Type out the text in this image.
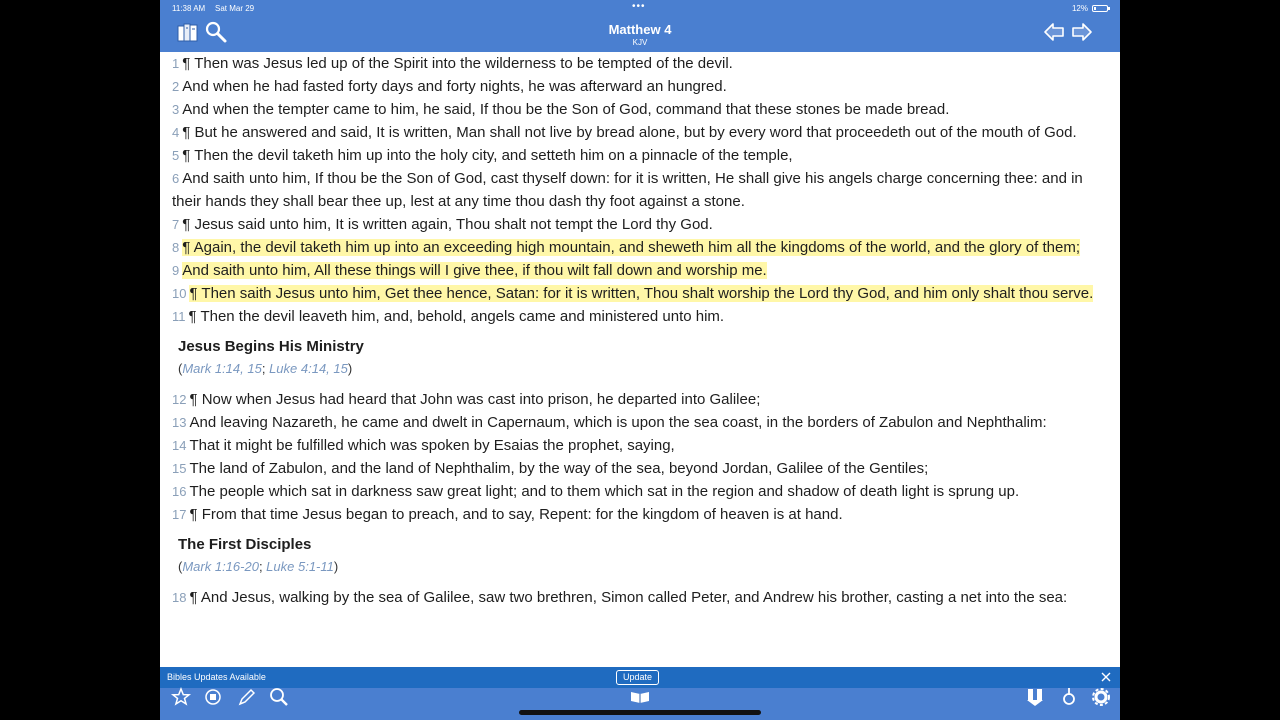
11:38 AM Sat Mar 29	•••	12%
Matthew 4
KJV
1 ¶ Then was Jesus led up of the Spirit into the wilderness to be tempted of the devil.
2 And when he had fasted forty days and forty nights, he was afterward an hungred.
3 And when the tempter came to him, he said, If thou be the Son of God, command that these stones be made bread.
4 ¶ But he answered and said, It is written, Man shall not live by bread alone, but by every word that proceedeth out of the mouth of God.
5 ¶ Then the devil taketh him up into the holy city, and setteth him on a pinnacle of the temple,
6 And saith unto him, If thou be the Son of God, cast thyself down: for it is written, He shall give his angels charge concerning thee: and in their hands they shall bear thee up, lest at any time thou dash thy foot against a stone.
7 ¶ Jesus said unto him, It is written again, Thou shalt not tempt the Lord thy God.
8 ¶ Again, the devil taketh him up into an exceeding high mountain, and sheweth him all the kingdoms of the world, and the glory of them;
9 And saith unto him, All these things will I give thee, if thou wilt fall down and worship me.
10 ¶ Then saith Jesus unto him, Get thee hence, Satan: for it is written, Thou shalt worship the Lord thy God, and him only shalt thou serve.
11 ¶ Then the devil leaveth him, and, behold, angels came and ministered unto him.
Jesus Begins His Ministry
(Mark 1:14, 15; Luke 4:14, 15)
12 ¶ Now when Jesus had heard that John was cast into prison, he departed into Galilee;
13 And leaving Nazareth, he came and dwelt in Capernaum, which is upon the sea coast, in the borders of Zabulon and Nephthalim:
14 That it might be fulfilled which was spoken by Esaias the prophet, saying,
15 The land of Zabulon, and the land of Nephthalim, by the way of the sea, beyond Jordan, Galilee of the Gentiles;
16 The people which sat in darkness saw great light; and to them which sat in the region and shadow of death light is sprung up.
17 ¶ From that time Jesus began to preach, and to say, Repent: for the kingdom of heaven is at hand.
The First Disciples
(Mark 1:16-20; Luke 5:1-11)
18 ¶ And Jesus, walking by the sea of Galilee, saw two brethren, Simon called Peter, and Andrew his brother, casting a net into the sea:
Bibles Updates Available	Update
